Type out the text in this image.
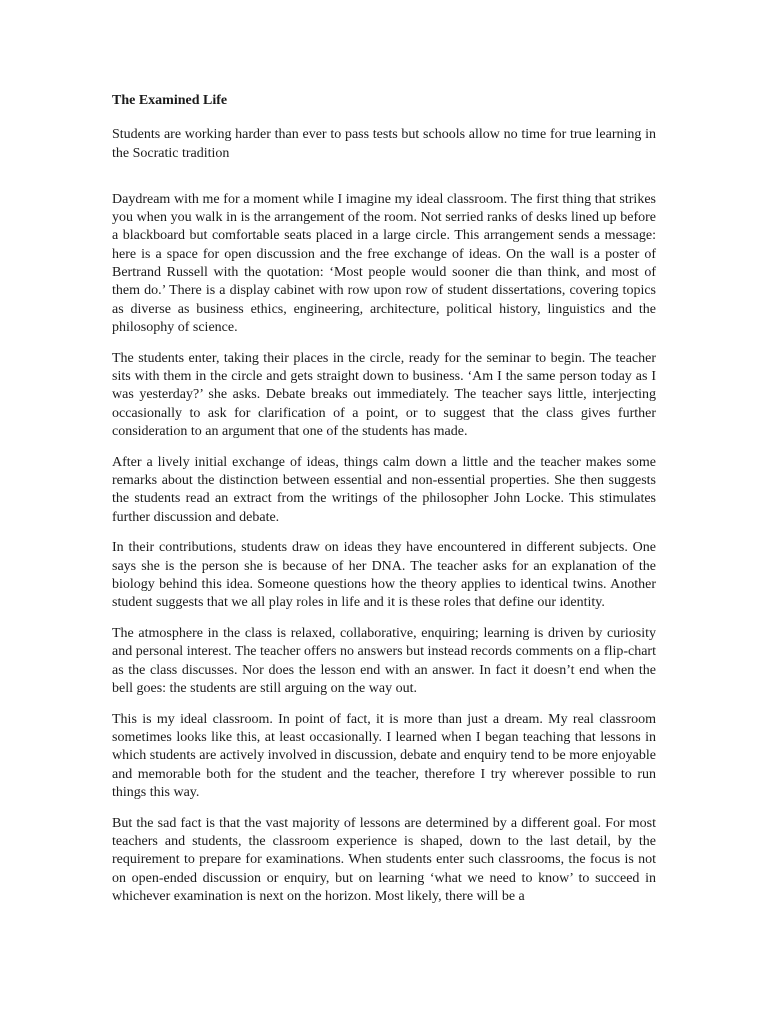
The Examined Life
Students are working harder than ever to pass tests but schools allow no time for true learning in the Socratic tradition

Daydream with me for a moment while I imagine my ideal classroom. The first thing that strikes you when you walk in is the arrangement of the room. Not serried ranks of desks lined up before a blackboard but comfortable seats placed in a large circle. This arrangement sends a message: here is a space for open discussion and the free exchange of ideas. On the wall is a poster of Bertrand Russell with the quotation: ‘Most people would sooner die than think, and most of them do.’ There is a display cabinet with row upon row of student dissertations, covering topics as diverse as business ethics, engineering, architecture, political history, linguistics and the philosophy of science.

The students enter, taking their places in the circle, ready for the seminar to begin. The teacher sits with them in the circle and gets straight down to business. ‘Am I the same person today as I was yesterday?’ she asks. Debate breaks out immediately. The teacher says little, interjecting occasionally to ask for clarification of a point, or to suggest that the class gives further consideration to an argument that one of the students has made.

After a lively initial exchange of ideas, things calm down a little and the teacher makes some remarks about the distinction between essential and non-essential properties. She then suggests the students read an extract from the writings of the philosopher John Locke. This stimulates further discussion and debate.

In their contributions, students draw on ideas they have encountered in different subjects. One says she is the person she is because of her DNA. The teacher asks for an explanation of the biology behind this idea. Someone questions how the theory applies to identical twins. Another student suggests that we all play roles in life and it is these roles that define our identity.

The atmosphere in the class is relaxed, collaborative, enquiring; learning is driven by curiosity and personal interest. The teacher offers no answers but instead records comments on a flip-chart as the class discusses. Nor does the lesson end with an answer. In fact it doesn’t end when the bell goes: the students are still arguing on the way out.

This is my ideal classroom. In point of fact, it is more than just a dream. My real classroom sometimes looks like this, at least occasionally. I learned when I began teaching that lessons in which students are actively involved in discussion, debate and enquiry tend to be more enjoyable and memorable both for the student and the teacher, therefore I try wherever possible to run things this way.

But the sad fact is that the vast majority of lessons are determined by a different goal. For most teachers and students, the classroom experience is shaped, down to the last detail, by the requirement to prepare for examinations. When students enter such classrooms, the focus is not on open-ended discussion or enquiry, but on learning ‘what we need to know’ to succeed in whichever examination is next on the horizon. Most likely, there will be a
